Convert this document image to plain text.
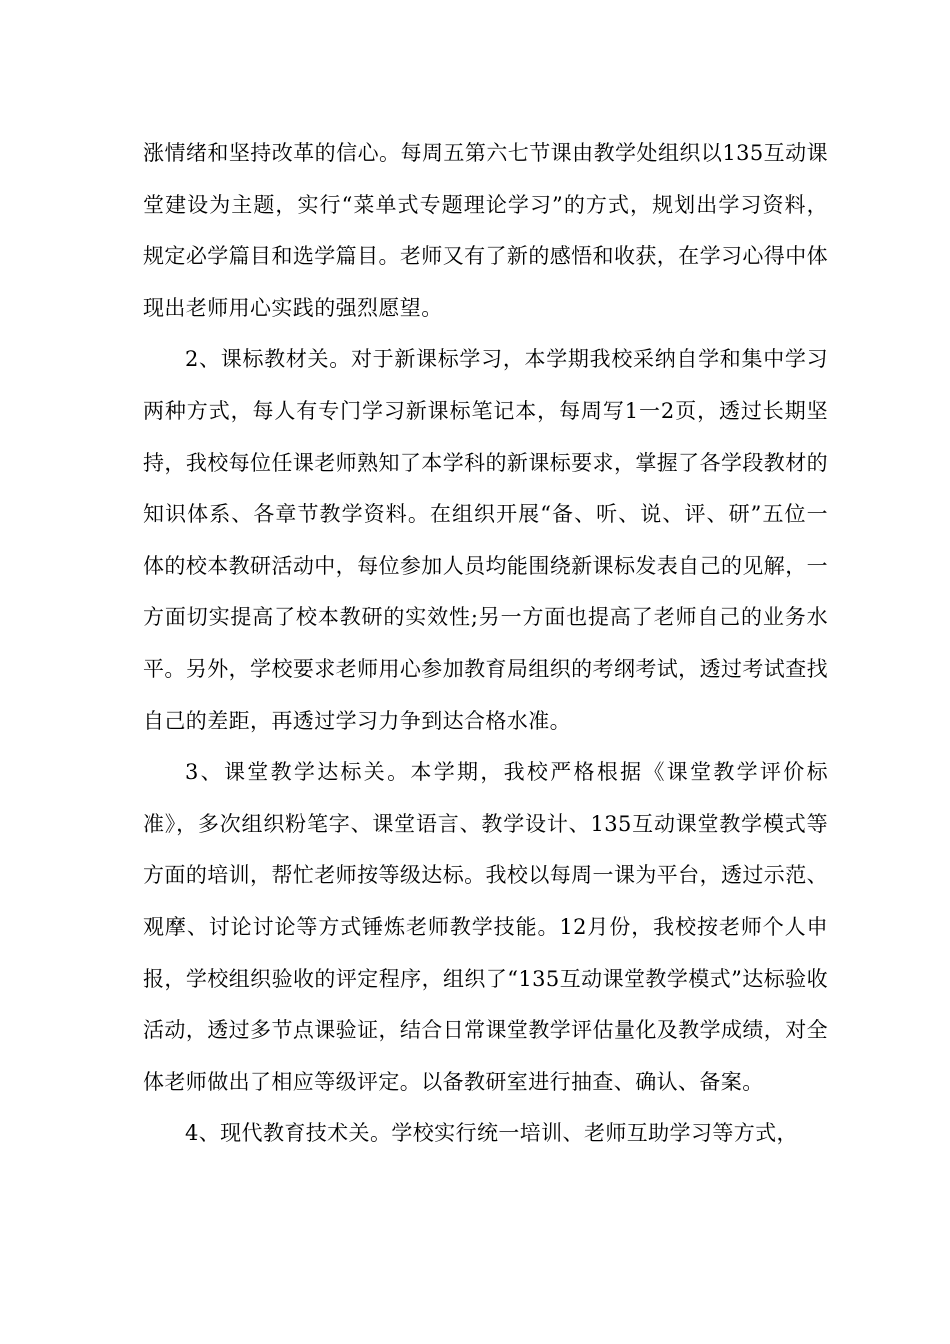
涨情绪和坚持改革的信心。每周五第六七节课由教学处组织以135互动课堂建设为主题，实行“菜单式专题理论学习”的方式，规划出学习资料，规定必学篇目和选学篇目。老师又有了新的感悟和收获，在学习心得中体现出老师用心实践的强烈愿望。

2、课标教材关。对于新课标学习，本学期我校采纳自学和集中学习两种方式，每人有专门学习新课标笔记本，每周写1一2页，透过长期坚持，我校每位任课老师熟知了本学科的新课标要求，掌握了各学段教材的知识体系、各章节教学资料。在组织开展“备、听、说、评、研”五位一体的校本教研活动中，每位参加人员均能围绕新课标发表自己的见解，一方面切实提高了校本教研的实效性;另一方面也提高了老师自己的业务水平。另外，学校要求老师用心参加教育局组织的考纲考试，透过考试查找自己的差距，再透过学习力争到达合格水准。

3、课堂教学达标关。本学期，我校严格根据《课堂教学评价标准》，多次组织粉笔字、课堂语言、教学设计、135互动课堂教学模式等方面的培训，帮忙老师按等级达标。我校以每周一课为平台，透过示范、观摩、讨论讨论等方式锤炼老师教学技能。12月份，我校按老师个人申报，学校组织验收的评定程序，组织了“135互动课堂教学模式”达标验收活动，透过多节点课验证，结合日常课堂教学评估量化及教学成绩，对全体老师做出了相应等级评定。以备教研室进行抽查、确认、备案。

4、现代教育技术关。学校实行统一培训、老师互助学习等方式，
